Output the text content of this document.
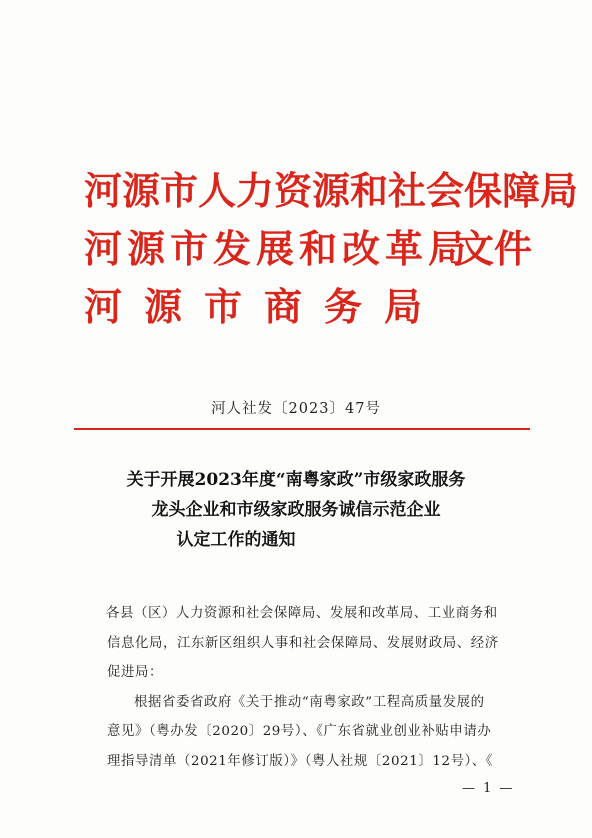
河源市人力资源和社会保障局
河源市发展和改革局
文件
河源市商务局
河人社发〔2023〕47号
关于开展2023年度“南粤家政”市级家政服务
龙头企业和市级家政服务诚信示范企业
认定工作的通知
各县（区）人力资源和社会保障局、发展和改革局、工业商务和
信息化局，江东新区组织人事和社会保障局、发展财政局、经济
促进局：
根据省委省政府《关于推动“南粤家政”工程高质量发展的
意见》（粤办发〔2020〕29号）、《广东省就业创业补贴申请办
理指导清单（2021年修订版）》（粤人社规〔2021〕12号）、《
— 1 —
